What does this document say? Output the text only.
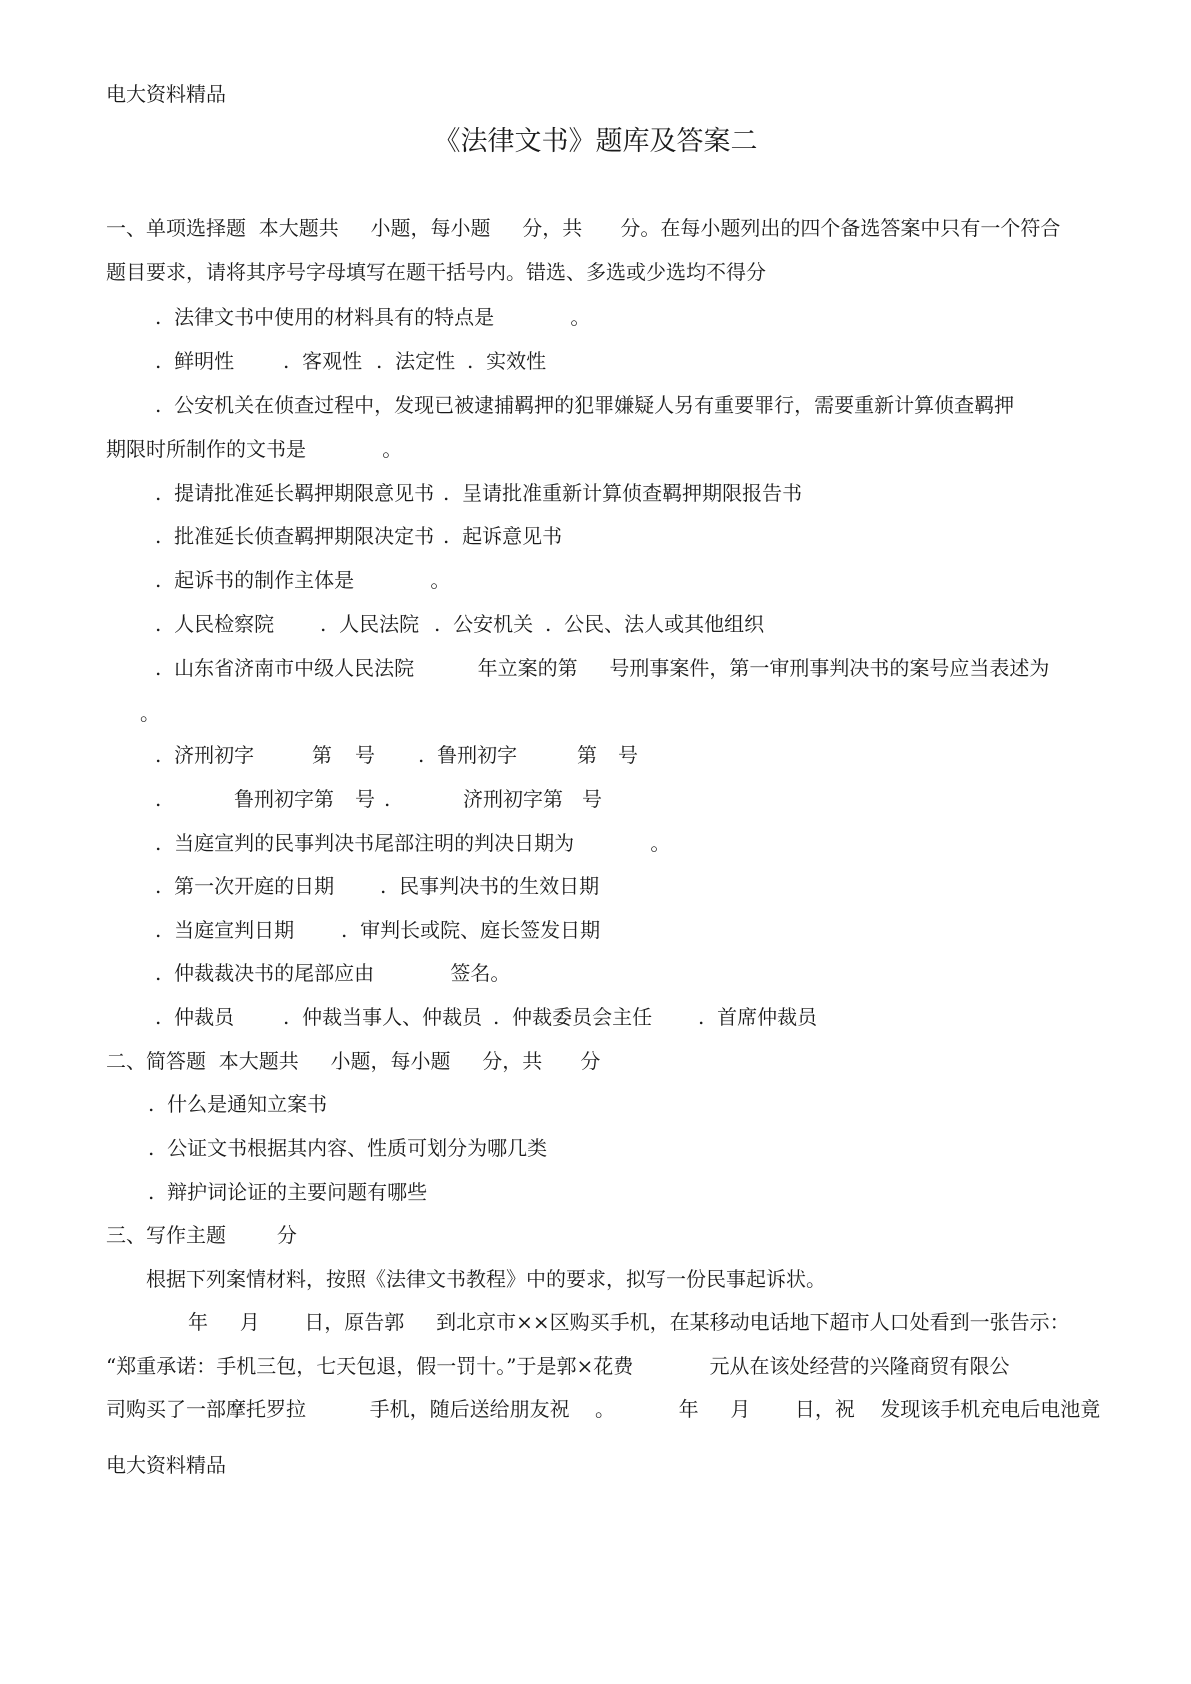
电大资料精品
《法律文书》题库及答案二
一、单项选择题  本大题共     小题，每小题     分，共      分。在每小题列出的四个备选答案中只有一个符合
题目要求，请将其序号字母填写在题干括号内。错选、多选或少选均不得分
.  法律文书中使用的材料具有的特点是            。
.  鲜明性 .  客观性 .  法定性 .  实效性
.  公安机关在侦查过程中，发现已被逮捕羁押的犯罪嫌疑人另有重要罪行，需要重新计算侦查羁押
期限时所制作的文书是            。
.  提请批准延长羁押期限意见书 .  呈请批准重新计算侦查羁押期限报告书
.  批准延长侦查羁押期限决定书 .  起诉意见书
.  起诉书的制作主体是            。
.  人民检察院 .  人民法院 .  公安机关 .  公民、法人或其他组织
.  山东省济南市中级人民法院          年立案的第     号刑事案件，第一审刑事判决书的案号应当表述为
。
.  济刑初字	第 号 .  鲁刑初字	第 号
.	鲁刑初字第 号 .	济刑初字第 号
.  当庭宣判的民事判决书尾部注明的判决日期为            。
.  第一次开庭的日期 .  民事判决书的生效日期
.  当庭宣判日期 .  审判长或院、庭长签发日期
.  仲裁裁决书的尾部应由            签名。
.  仲裁员 .  仲裁当事人、仲裁员 .  仲裁委员会主任 .  首席仲裁员
二、简答题  本大题共     小题，每小题     分，共      分
.  什么是通知立案书
.  公证文书根据其内容、性质可划分为哪几类
.  辩护词论证的主要问题有哪些
三、写作主题        分
根据下列案情材料，按照《法律文书教程》中的要求，拟写一份民事起诉状。
年     月       日，原告郭     到北京市××区购买手机，在某移动电话地下超市人口处看到一张告示：
“郑重承诺：手机三包，七天包退，假一罚十。”于是郭×花费            元从在该处经营的兴隆商贸有限公
司购买了一部摩托罗拉          手机，随后送给朋友祝    。          年     月       日，祝    发现该手机充电后电池竟
电大资料精品
